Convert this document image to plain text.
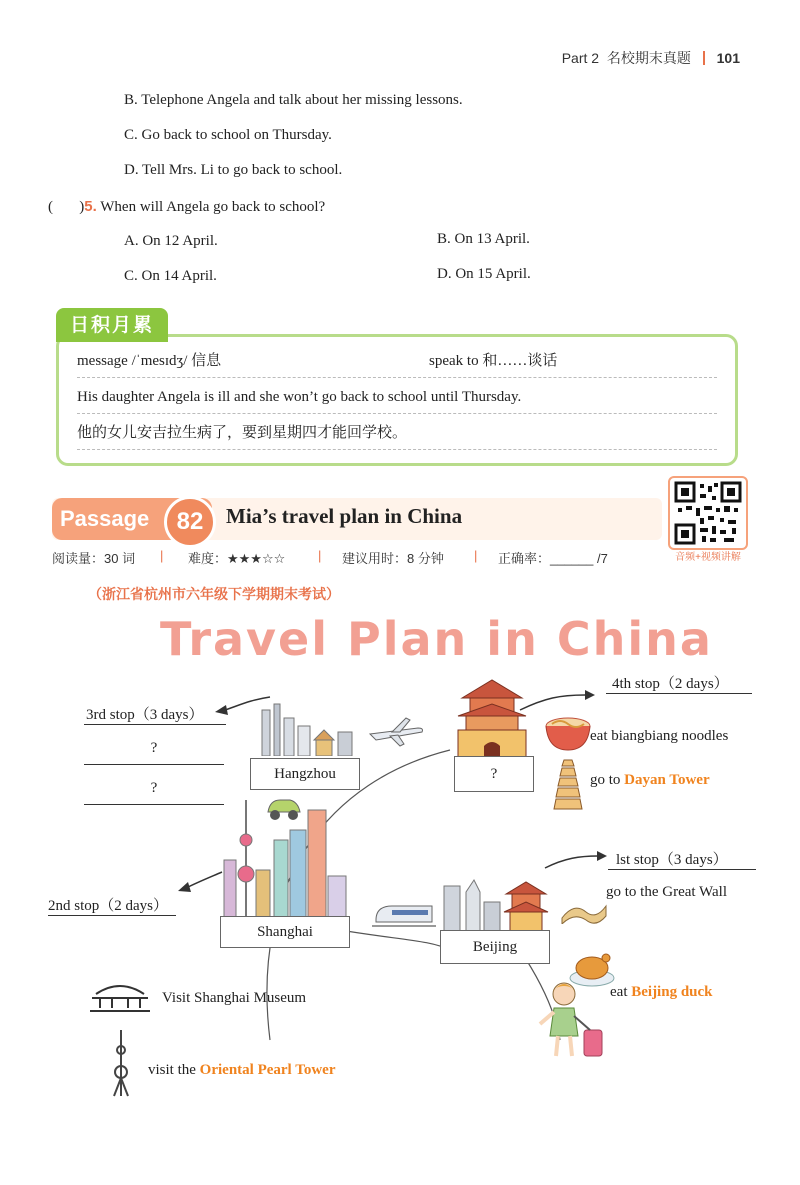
Part 2 名校期末真题 101
B. Telephone Angela and talk about her missing lessons.
C. Go back to school on Thursday.
D. Tell Mrs. Li to go back to school.
(       )5. When will Angela go back to school?
A. On 12 April.	B. On 13 April.
C. On 14 April.	D. On 15 April.
message /ˈmesɪdʒ/ 信息	speak to 和……谈话
His daughter Angela is ill and she won’t go back to school until Thursday.
他的女儿安吉拉生病了，要到星期四才能回学校。
日积月累
Passage	82	Mia’s travel plan in China
音频+视频讲解
阅读量：30 词 | 难度：★★★☆☆	| 建议用时：8 分钟 | 正确率：______ /7
（浙江省杭州市六年级下学期期末考试）
Travel Plan in China
3rd stop（3 days）
?
?
Hangzhou	?
4th stop（2 days）
eat biangbiang noodles
go to Dayan Tower
Shanghai
2nd stop（2 days）
Beijing
lst stop（3 days）
go to the Great Wall
eat Beijing duck
Visit Shanghai Museum
visit the Oriental Pearl Tower
